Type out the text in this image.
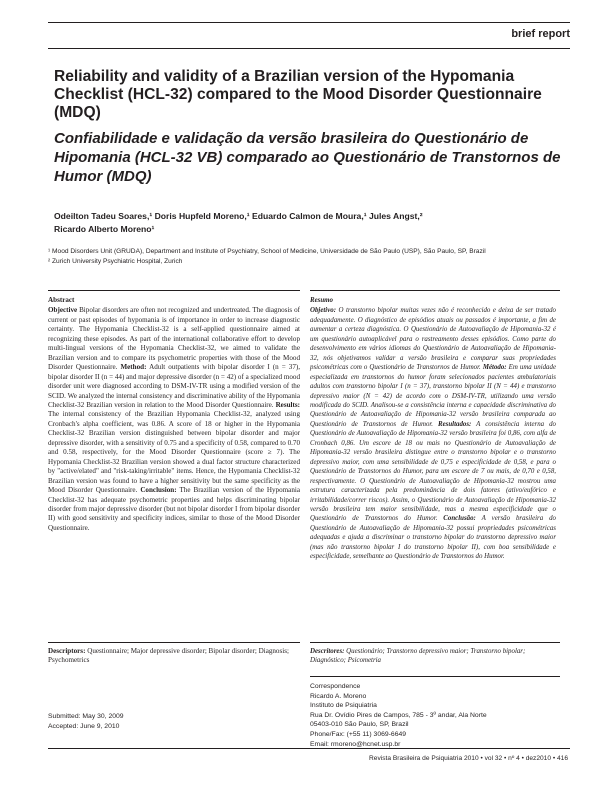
brief report
Reliability and validity of a Brazilian version of the Hypomania Checklist (HCL-32) compared to the Mood Disorder Questionnaire (MDQ)
Confiabilidade e validação da versão brasileira do Questionário de Hipomania (HCL-32 VB) comparado ao Questionário de Transtornos de Humor (MDQ)
Odeilton Tadeu Soares,¹ Doris Hupfeld Moreno,¹ Eduardo Calmon de Moura,¹ Jules Angst,²
Ricardo Alberto Moreno¹
¹ Mood Disorders Unit (GRUDA), Department and Institute of Psychiatry, School of Medicine, Universidade de São Paulo (USP), São Paulo, SP, Brazil
² Zurich University Psychiatric Hospital, Zurich
Abstract
Objective Bipolar disorders are often not recognized and undertreated. The diagnosis of current or past episodes of hypomania is of importance in order to increase diagnostic certainty. The Hypomania Checklist-32 is a self-applied questionnaire aimed at recognizing these episodes. As part of the international collaborative effort to develop multi-lingual versions of the Hypomania Checklist-32, we aimed to validate the Brazilian version and to compare its psychometric properties with those of the Mood Disorder Questionnaire. Method: Adult outpatients with bipolar disorder I (n = 37), bipolar disorder II (n = 44) and major depressive disorder (n = 42) of a specialized mood disorder unit were diagnosed according to DSM-IV-TR using a modified version of the SCID. We analyzed the internal consistency and discriminative ability of the Hypomania Checklist-32 Brazilian version in relation to the Mood Disorder Questionnaire. Results: The internal consistency of the Brazilian Hypomania Checklist-32, analyzed using Cronbach's alpha coefficient, was 0.86. A score of 18 or higher in the Hypomania Checklist-32 Brazilian version distinguished between bipolar disorder and major depressive disorder, with a sensitivity of 0.75 and a specificity of 0.58, compared to 0.70 and 0.58, respectively, for the Mood Disorder Questionnaire (score ≥ 7). The Hypomania Checklist-32 Brazilian version showed a dual factor structure characterized by "active/elated" and "risk-taking/irritable" items. Hence, the Hypomania Checklist-32 Brazilian version was found to have a higher sensitivity but the same specificity as the Mood Disorder Questionnaire. Conclusion: The Brazilian version of the Hypomania Checklist-32 has adequate psychometric properties and helps discriminating bipolar disorder from major depressive disorder (but not bipolar disorder I from bipolar disorder II) with good sensitivity and specificity indices, similar to those of the Mood Disorder Questionnaire.
Resumo
Objetivo: O transtorno bipolar muitas vezes não é reconhecido e deixa de ser tratado adequadamente. O diagnóstico de episódios atuais ou passados é importante, a fim de aumentar a certeza diagnóstica. O Questionário de Autoavaliação de Hipomania-32 é um questionário autoaplicável para o rastreamento desses episódios. Como parte do desenvolvimento em vários idiomas do Questionário de Autoavaliação de Hipomania-32, nós objetivamos validar a versão brasileira e comparar suas propriedades psicométricas com o Questionário de Transtornos de Humor. Método: Em uma unidade especializada em transtornos do humor foram selecionados pacientes ambulatoriais adultos com transtorno bipolar I (n = 37), transtorno bipolar II (N = 44) e transtorno depressivo maior (N = 42) de acordo com o DSM-IV-TR, utilizando uma versão modificada do SCID. Analisou-se a consistência interna e capacidade discriminativa do Questionário de Autoavaliação de Hipomania-32 versão brasileira comparada ao Questionário de Transtornos de Humor. Resultados: A consistência interna do Questionário de Autoavaliação de Hipomania-32 versão brasileira foi 0,86, com alfa de Cronbach 0,86. Um escore de 18 ou mais no Questionário de Autoavaliação de Hipomania-32 versão brasileira distingue entre o transtorno bipolar e o transtorno depressivo maior, com uma sensibilidade de 0,75 e especificidade de 0,58, e para o Questionário de Transtornos do Humor, para um escore de 7 ou mais, de 0,70 e 0,58, respectivamente. O Questionário de Autoavaliação de Hipomania-32 mostrou uma estrutura caracterizada pela predominância de dois fatores (ativo/eufórico e irritabilidade/correr riscos). Assim, o Questionário de Autoavaliação de Hipomania-32 versão brasileira tem maior sensibilidade, mas a mesma especificidade que o Questionário de Transtornos do Humor. Conclusão: A versão brasileira do Questionário de Autoavaliação de Hipomania-32 possui propriedades psicométricas adequadas e ajuda a discriminar o transtorno bipolar do transtorno depressivo maior (mas não transtorno bipolar I do transtorno bipolar II), com boa sensibilidade e especificidade, semelhante ao Questionário de Transtornos do Humor.
Descriptors: Questionnaire; Major depressive disorder; Bipolar disorder; Diagnosis; Psychometrics
Descritores: Questionário; Transtorno depressivo maior; Transtorno bipolar; Diagnóstico; Psicometria
Correspondence
Ricardo A. Moreno
Instituto de Psiquiatria
Rua Dr. Ovídio Pires de Campos, 785 - 3º andar, Ala Norte
05403-010 São Paulo, SP, Brazil
Phone/Fax: (+55 11) 3069-6649
Email: rmoreno@hcnet.usp.br
Submitted: May 30, 2009
Accepted: June 9, 2010
Revista Brasileira de Psiquiatria 2010 • vol 32 • nº 4 • dez2010 • 416
